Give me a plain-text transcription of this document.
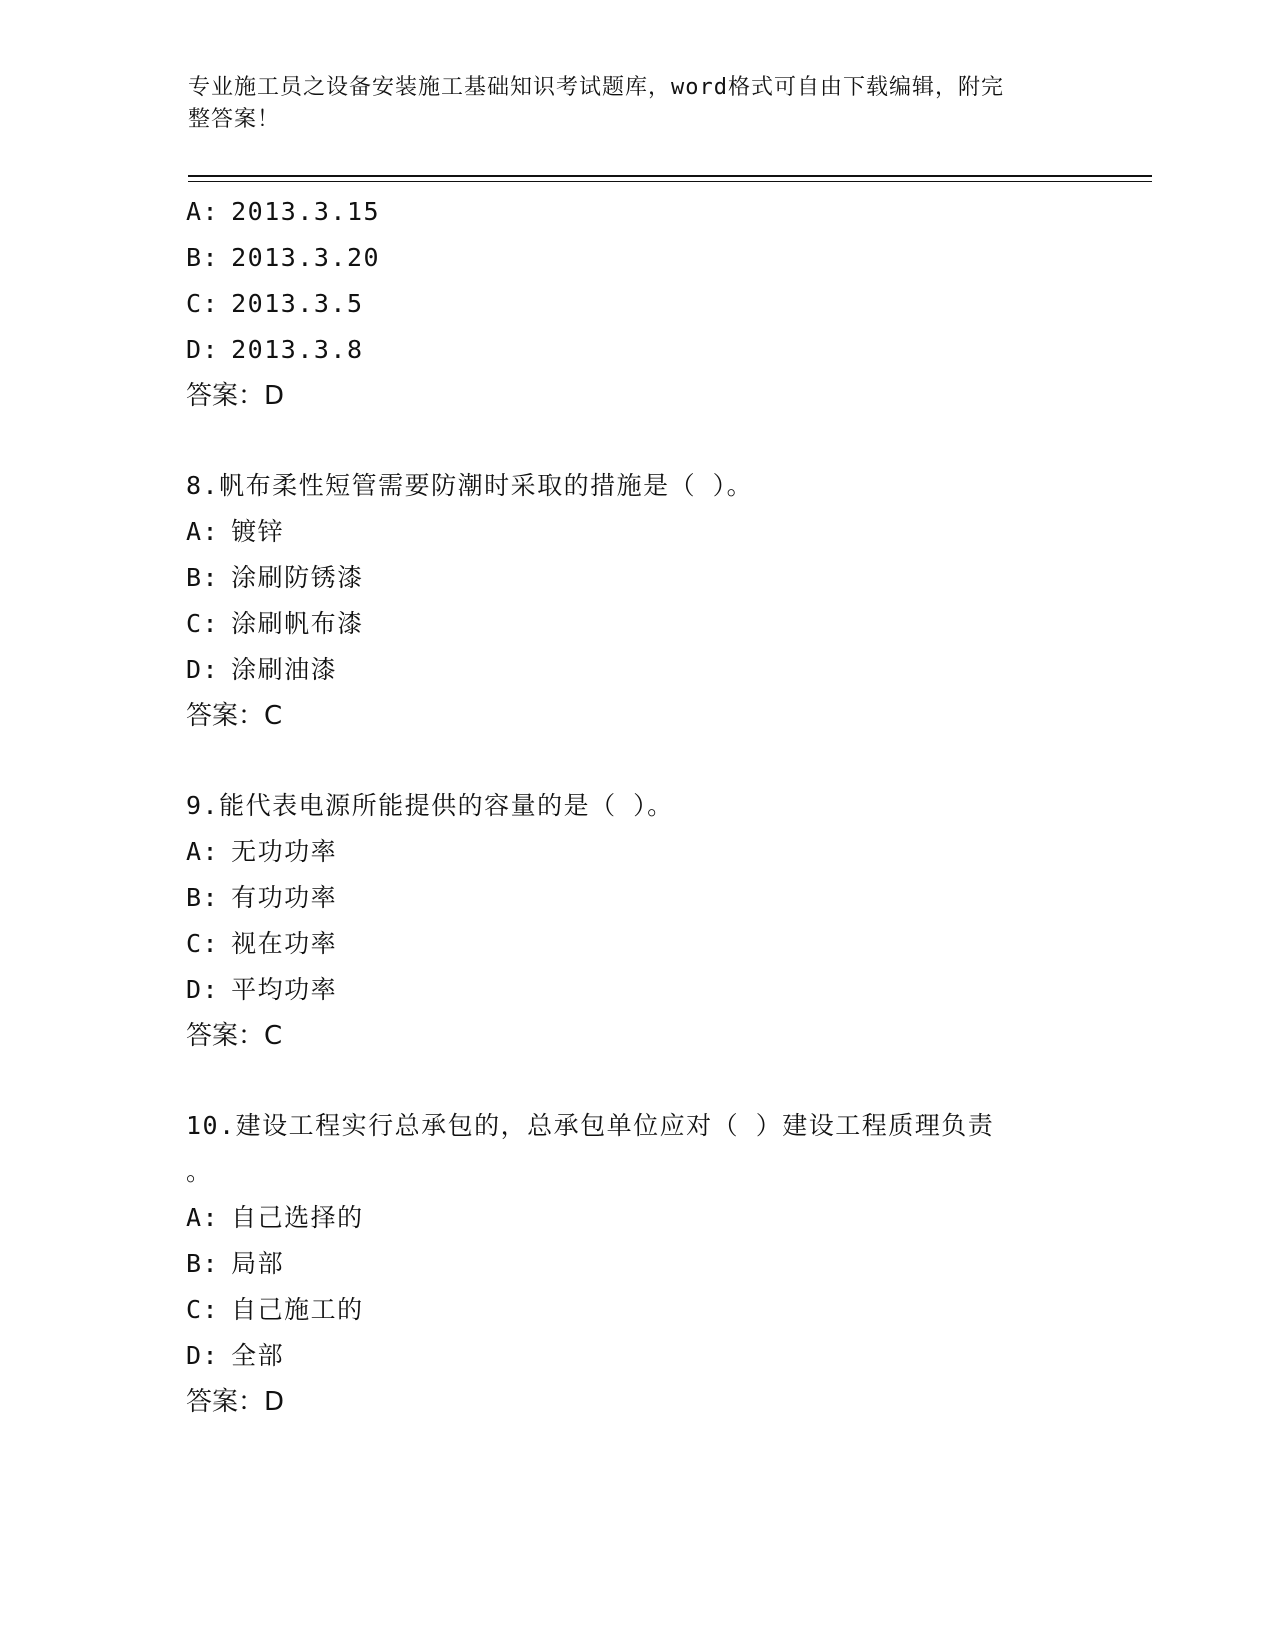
专业施工员之设备安装施工基础知识考试题库，word格式可自由下载编辑，附完
整答案！
A: 2013.3.15
B: 2013.3.20
C: 2013.3.5
D: 2013.3.8
答案：D
8.帆布柔性短管需要防潮时采取的措施是（ ）。
A: 镀锌
B: 涂刷防锈漆
C: 涂刷帆布漆
D: 涂刷油漆
答案：C
9.能代表电源所能提供的容量的是（ ）。
A: 无功功率
B: 有功功率
C: 视在功率
D: 平均功率
答案：C
10.建设工程实行总承包的，总承包单位应对（ ）建设工程质理负责
。
A: 自己选择的
B: 局部
C: 自己施工的
D: 全部
答案：D
